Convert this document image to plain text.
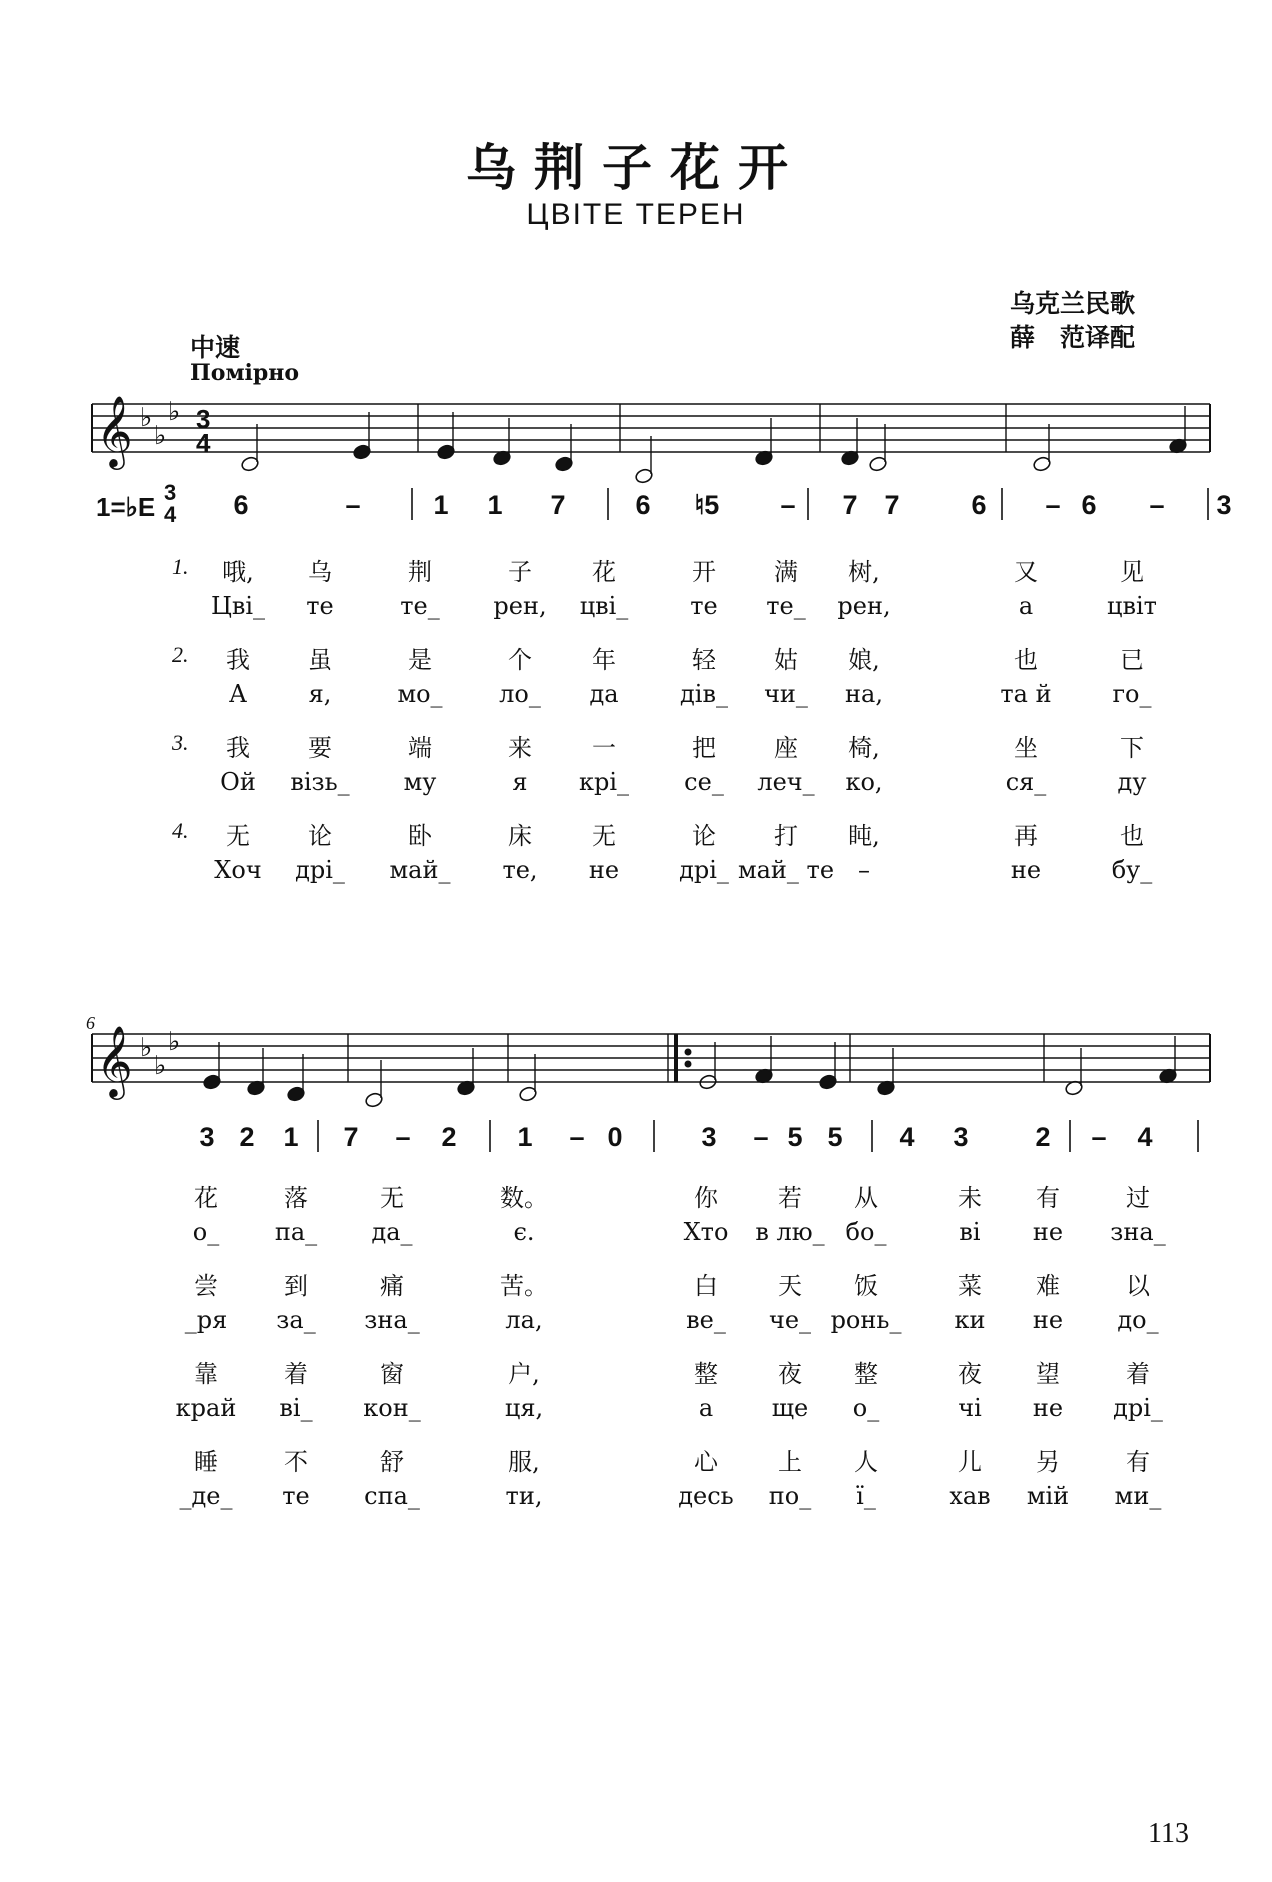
乌荆子花开
ЦВІТЕ ТЕРЕН
乌克兰民歌
薛　范译配
中速
Помірно
𝄞 ♭
♭
♭ 3
4
𝄞 ♭
♭
♭
1=♭E 3
4
6
6	–	1 1 7	6 ♮5 – 7 7	6 – 6 – 3
3 2 1 7 – 2 1 – 0	3 – 5 5 4 3 2 – 4
1.	哦,	乌	荆	子	花	开	满	树,	又	见
Цві_	те	те_	рен,	цві_	те	те_	рен,	а	цвіт
花	落	无	数。	你	若	从	未	有	过
о_	па_	да_	є.	Хто	в лю_ бо_	ві	не	зна_
2.	我	虽	是	个	年	轻	姑	娘,	也	已
А	я,	мо_	ло_	да	дів_	чи_	на,	та й	го_
尝	到	痛	苦。	白	天	饭	菜	难	以
_ря	за_	зна_	ла,	ве_	че_ ронь_	ки	не	до_
3.	我	要	端	来	一	把	座	椅,	坐	下
Ой	візь_	му	я	крі_	се_	леч_	ко,	ся_	ду
靠	着	窗	户,	整	夜	整	夜	望	着
край	ві_	кон_	ця,	а	ще	о_	чі	не	дрі_
4.	无	论	卧	床	无	论	打	盹,	再	也
Хоч	дрі_	май_	те,	не	дрі_ май_ те –	не	бу_
睡	不	舒	服,	心	上	人	儿	另	有
_де_	те	спа_	ти,	десь	по_	ї_	хав	мій	ми_
113
